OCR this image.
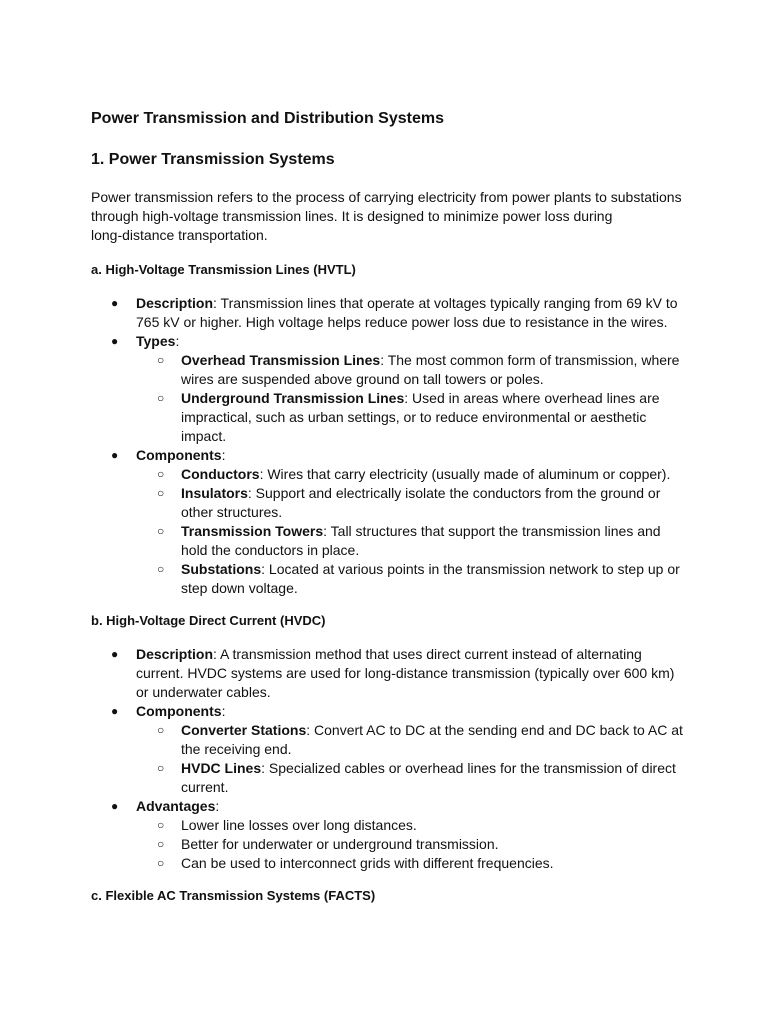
Power Transmission and Distribution Systems
1. Power Transmission Systems
Power transmission refers to the process of carrying electricity from power plants to substations
through high-voltage transmission lines. It is designed to minimize power loss during
long-distance transportation.
a. High-Voltage Transmission Lines (HVTL)
● Description: Transmission lines that operate at voltages typically ranging from 69 kV to
765 kV or higher. High voltage helps reduce power loss due to resistance in the wires.
● Types:
○ Overhead Transmission Lines: The most common form of transmission, where
wires are suspended above ground on tall towers or poles.
○ Underground Transmission Lines: Used in areas where overhead lines are
impractical, such as urban settings, or to reduce environmental or aesthetic
impact.
● Components:
○ Conductors: Wires that carry electricity (usually made of aluminum or copper).
○ Insulators: Support and electrically isolate the conductors from the ground or
other structures.
○ Transmission Towers: Tall structures that support the transmission lines and
hold the conductors in place.
○ Substations: Located at various points in the transmission network to step up or
step down voltage.
b. High-Voltage Direct Current (HVDC)
● Description: A transmission method that uses direct current instead of alternating
current. HVDC systems are used for long-distance transmission (typically over 600 km)
or underwater cables.
● Components:
○ Converter Stations: Convert AC to DC at the sending end and DC back to AC at
the receiving end.
○ HVDC Lines: Specialized cables or overhead lines for the transmission of direct
current.
● Advantages:
○ Lower line losses over long distances.
○ Better for underwater or underground transmission.
○ Can be used to interconnect grids with different frequencies.
c. Flexible AC Transmission Systems (FACTS)
